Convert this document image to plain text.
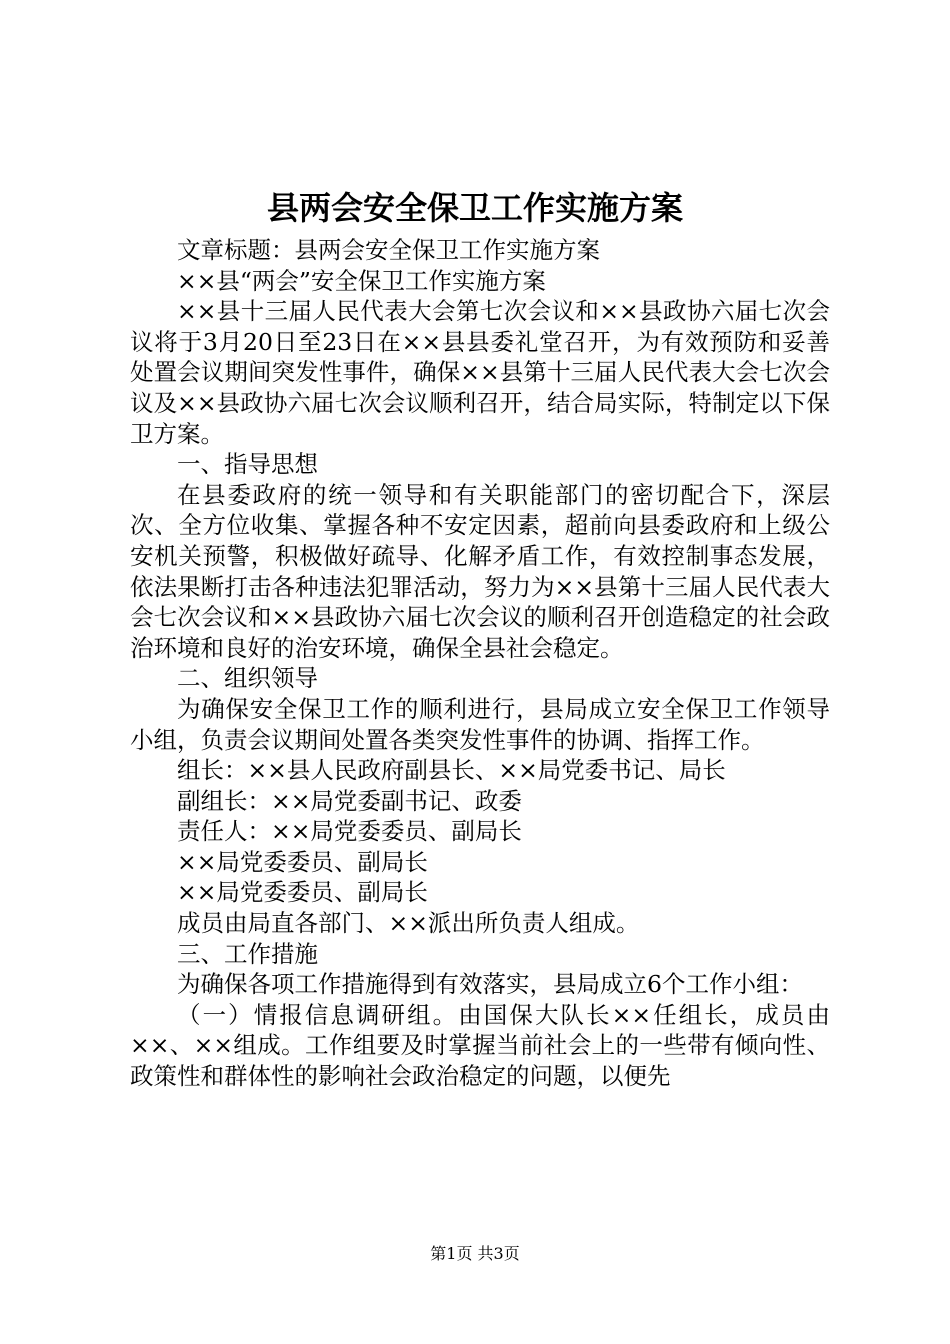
县两会安全保卫工作实施方案

文章标题：县两会安全保卫工作实施方案

××县“两会”安全保卫工作实施方案

××县十三届人民代表大会第七次会议和××县政协六届七次会议将于3月20日至23日在××县县委礼堂召开，为有效预防和妥善处置会议期间突发性事件，确保××县第十三届人民代表大会七次会议及××县政协六届七次会议顺利召开，结合局实际，特制定以下保卫方案。

一、指导思想

在县委政府的统一领导和有关职能部门的密切配合下，深层次、全方位收集、掌握各种不安定因素，超前向县委政府和上级公安机关预警，积极做好疏导、化解矛盾工作，有效控制事态发展，依法果断打击各种违法犯罪活动，努力为××县第十三届人民代表大会七次会议和××县政协六届七次会议的顺利召开创造稳定的社会政治环境和良好的治安环境，确保全县社会稳定。

二、组织领导

为确保安全保卫工作的顺利进行，县局成立安全保卫工作领导小组，负责会议期间处置各类突发性事件的协调、指挥工作。

组长：××县人民政府副县长、××局党委书记、局长

副组长：××局党委副书记、政委

责任人：××局党委委员、副局长

××局党委委员、副局长

××局党委委员、副局长

成员由局直各部门、××派出所负责人组成。

三、工作措施

为确保各项工作措施得到有效落实，县局成立6个工作小组：

（一）情报信息调研组。由国保大队长××任组长，成员由××、××组成。工作组要及时掌握当前社会上的一些带有倾向性、政策性和群体性的影响社会政治稳定的问题，以便先

第1页 共3页
